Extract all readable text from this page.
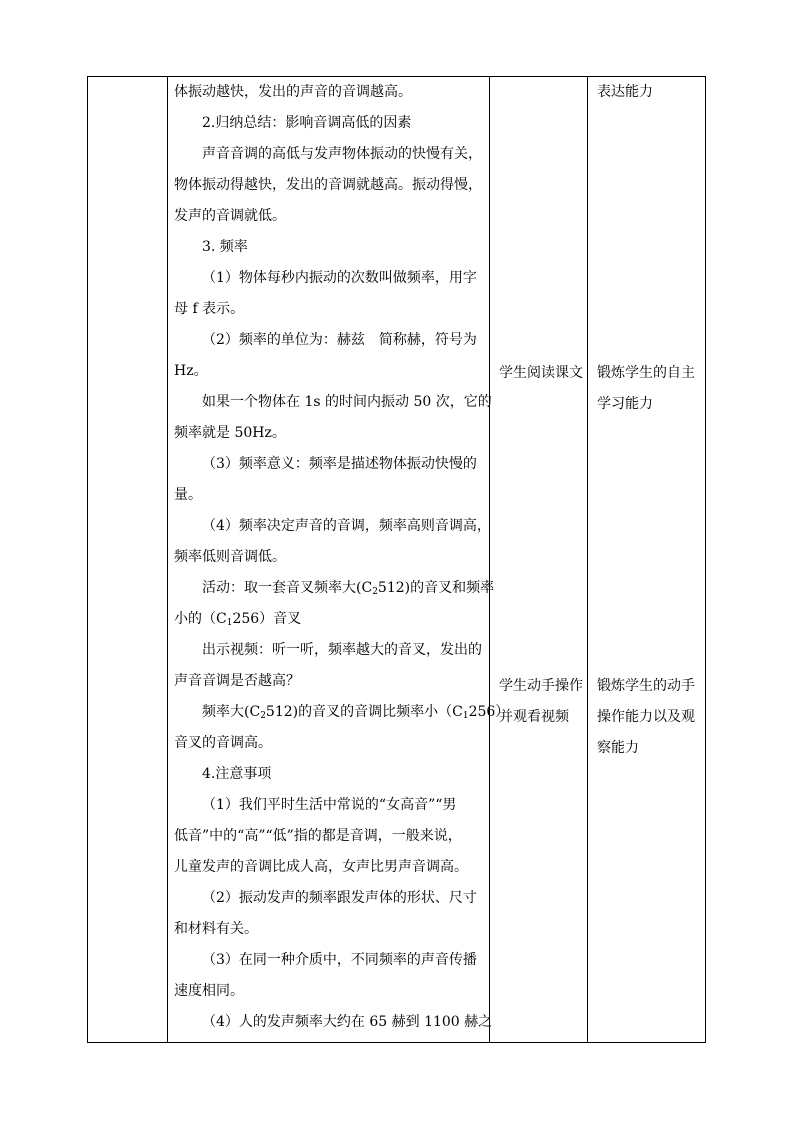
体振动越快，发出的声音的音调越高。
2.归纳总结：影响音调高低的因素
声音音调的高低与发声物体振动的快慢有关，
物体振动得越快，发出的音调就越高。振动得慢，
发声的音调就低。
3. 频率
（1）物体每秒内振动的次数叫做频率，用字
母 f 表示。
（2）频率的单位为：赫兹　简称赫，符号为
Hz。
如果一个物体在 1s 的时间内振动 50 次，它的
频率就是 50Hz。
（3）频率意义：频率是描述物体振动快慢的
量。
（4）频率决定声音的音调，频率高则音调高，
频率低则音调低。
活动：取一套音叉频率大$(C_2512)$的音叉和频率
小的$(C_1256)$音叉
出示视频：听一听，频率越大的音叉，发出的
声音音调是否越高？
频率大$(C_2512)$的音叉的音调比频率小$(C_1256)$
音叉的音调高。
4.注意事项
（1）我们平时生活中常说的“女高音”“男
低音”中的“高”“低”指的都是音调，一般来说，
儿童发声的音调比成人高，女声比男声音调高。
（2）振动发声的频率跟发声体的形状、尺寸
和材料有关。
（3）在同一种介质中，不同频率的声音传播
速度相同。
（4）人的发声频率大约在 65 赫到 1100 赫之
学生阅读课文
学生动手操作
并观看视频
表达能力
锻炼学生的自主
学习能力
锻炼学生的动手
操作能力以及观
察能力
